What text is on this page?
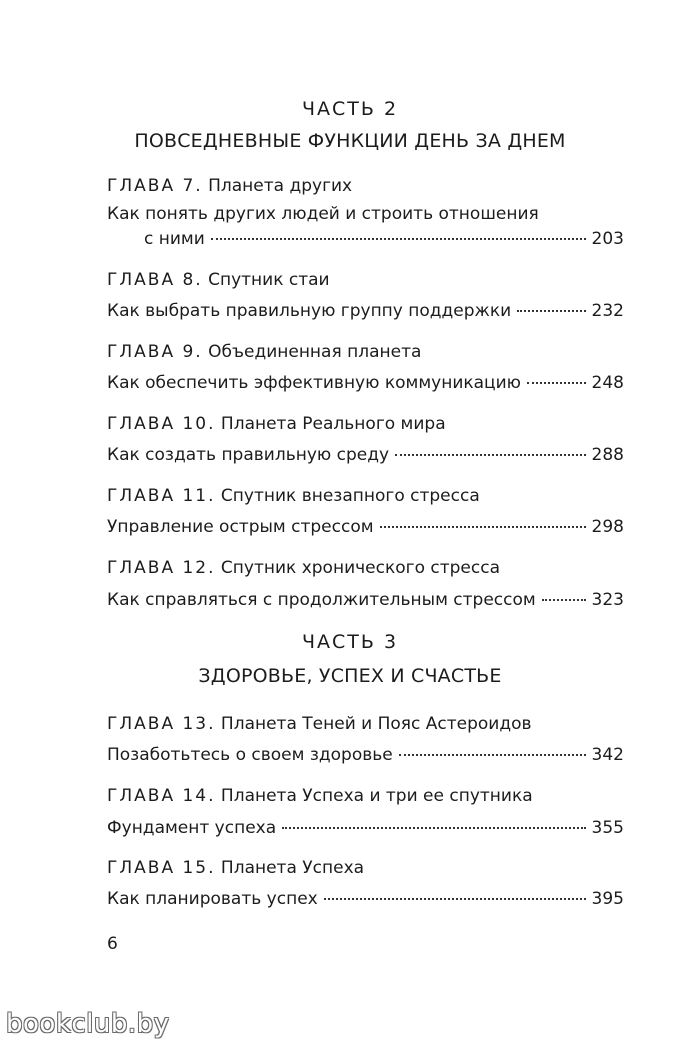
ЧАСТЬ 2
ПОВСЕДНЕВНЫЕ ФУНКЦИИ ДЕНЬ ЗА ДНЕМ
ГЛАВА 7. Планета других
Как понять других людей и строить отношения
с ними	203
ГЛАВА 8. Спутник стаи
Как выбрать правильную группу поддержки	232
ГЛАВА 9. Объединенная планета
Как обеспечить эффективную коммуникацию	248
ГЛАВА 10. Планета Реального мира
Как создать правильную среду	288
ГЛАВА 11. Спутник внезапного стресса
Управление острым стрессом	298
ГЛАВА 12. Спутник хронического стресса
Как справляться с продолжительным стрессом	323
ЧАСТЬ 3
ЗДОРОВЬЕ, УСПЕХ И СЧАСТЬЕ
ГЛАВА 13. Планета Теней и Пояс Астероидов
Позаботьтесь о своем здоровье	342
ГЛАВА 14. Планета Успеха и три ее спутника
Фундамент успеха	355
ГЛАВА 15. Планета Успеха
Как планировать успех	395
6
bookclub.by
